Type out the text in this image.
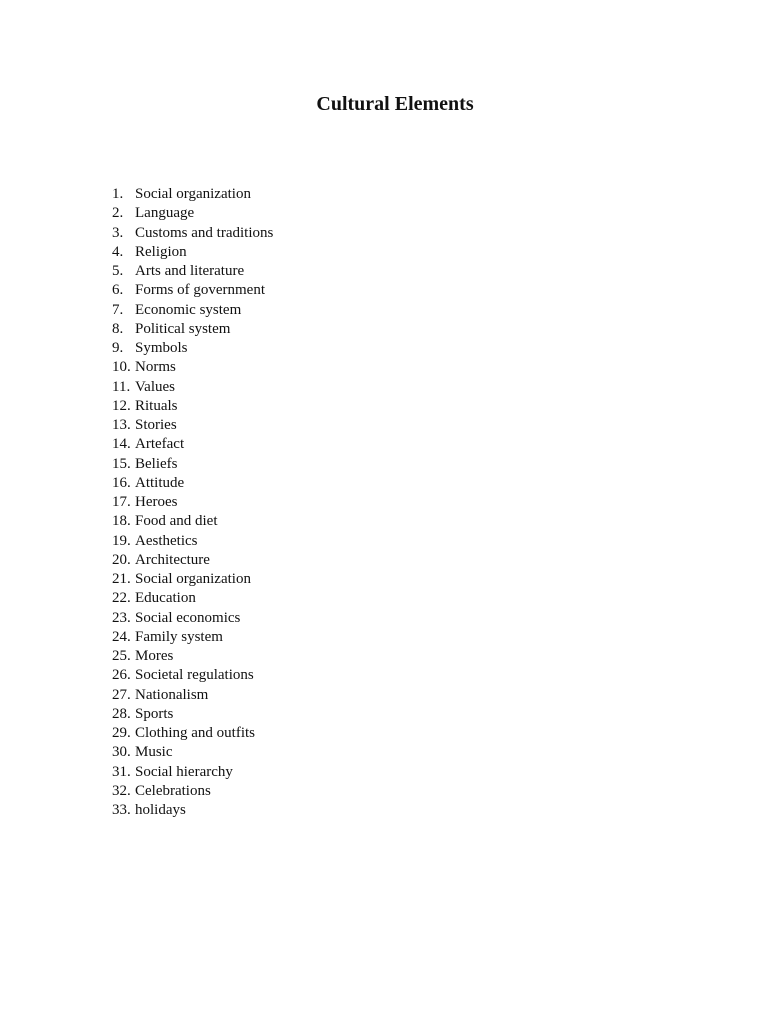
Cultural Elements
1. Social organization
2. Language
3. Customs and traditions
4. Religion
5. Arts and literature
6. Forms of government
7. Economic system
8. Political system
9. Symbols
10. Norms
11. Values
12. Rituals
13. Stories
14. Artefact
15. Beliefs
16. Attitude
17. Heroes
18. Food and diet
19. Aesthetics
20. Architecture
21. Social organization
22. Education
23. Social economics
24. Family system
25. Mores
26. Societal regulations
27. Nationalism
28. Sports
29. Clothing and outfits
30. Music
31. Social hierarchy
32. Celebrations
33. holidays
